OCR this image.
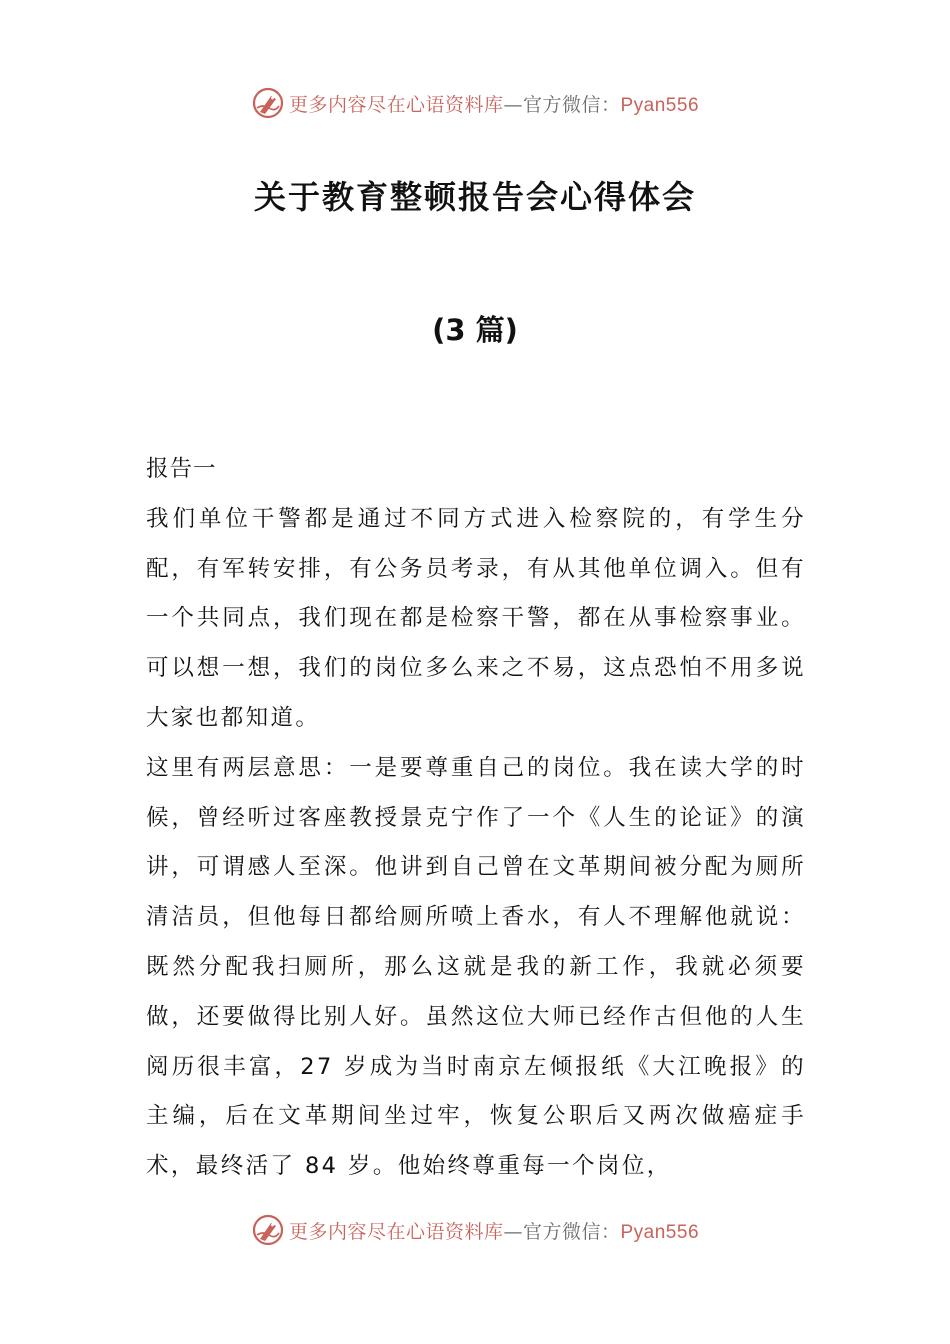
更多内容尽在心语资料库—官方微信：Pyan556
关于教育整顿报告会心得体会
(3 篇)

报告一

我们单位干警都是通过不同方式进入检察院的，有学生分配，有军转安排，有公务员考录，有从其他单位调入。但有一个共同点，我们现在都是检察干警，都在从事检察事业。可以想一想，我们的岗位多么来之不易，这点恐怕不用多说大家也都知道。

这里有两层意思：一是要尊重自己的岗位。我在读大学的时候，曾经听过客座教授景克宁作了一个《人生的论证》的演讲，可谓感人至深。他讲到自己曾在文革期间被分配为厕所清洁员，但他每日都给厕所喷上香水，有人不理解他就说：既然分配我扫厕所，那么这就是我的新工作，我就必须要做，还要做得比别人好。虽然这位大师已经作古但他的人生阅历很丰富，27 岁成为当时南京左倾报纸《大江晚报》的主编，后在文革期间坐过牢，恢复公职后又两次做癌症手术，最终活了 84 岁。他始终尊重每一个岗位，

更多内容尽在心语资料库—官方微信：Pyan556
